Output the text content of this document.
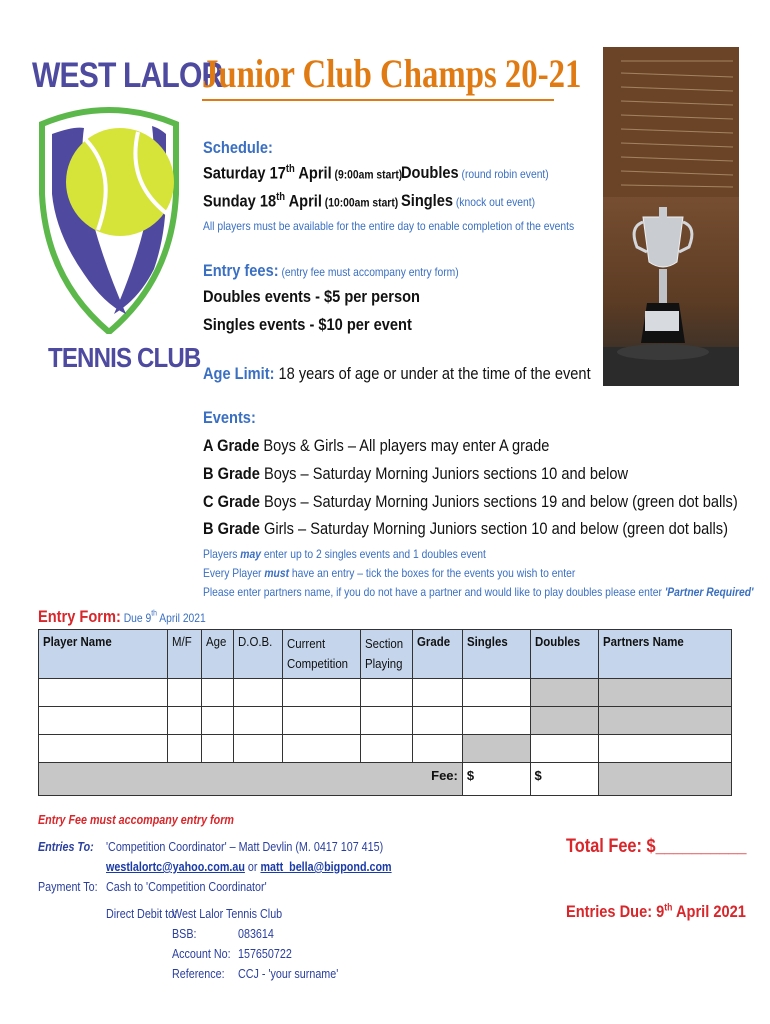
WEST LALOR
TENNIS CLUB
Junior Club Champs 20-21
Schedule:
Saturday 17th April (9:00am start)
Doubles (round robin event)
Sunday 18th April (10:00am start) Singles (knock out event)
All players must be available for the entire day to enable completion of the events
Entry fees: (entry fee must accompany entry form)
Doubles events - $5 per person
Singles events - $10 per event
Age Limit: 18 years of age or under at the time of the event
Events:
A Grade Boys & Girls – All players may enter A grade
B Grade Boys – Saturday Morning Juniors sections 10 and below
C Grade Boys – Saturday Morning Juniors sections 19 and below (green dot balls)
B Grade Girls – Saturday Morning Juniors section 10 and below (green dot balls)
Players may enter up to 2 singles events and 1 doubles event
Every Player must have an entry – tick the boxes for the events you wish to enter
Please enter partners name, if you do not have a partner and would like to play doubles please enter 'Partner Required'
Entry Form: Due 9th April 2021
Player Name	M/F	Age	D.O.B.	Current Competition	Section Playing	Grade	Singles	Doubles	Partners Name

Fee:							$	$	
Entry Fee must accompany entry form
Entries To: 'Competition Coordinator' – Matt Devlin (M. 0417 107 415)
westlalortc@yahoo.com.au or matt_bella@bigpond.com
Payment To: Cash to 'Competition Coordinator'
Direct Debit to:
West Lalor Tennis Club
BSB:	083614
Account No: 157650722
Reference: CCJ - 'your surname'
Total Fee: $__________
Entries Due: 9th April 2021
